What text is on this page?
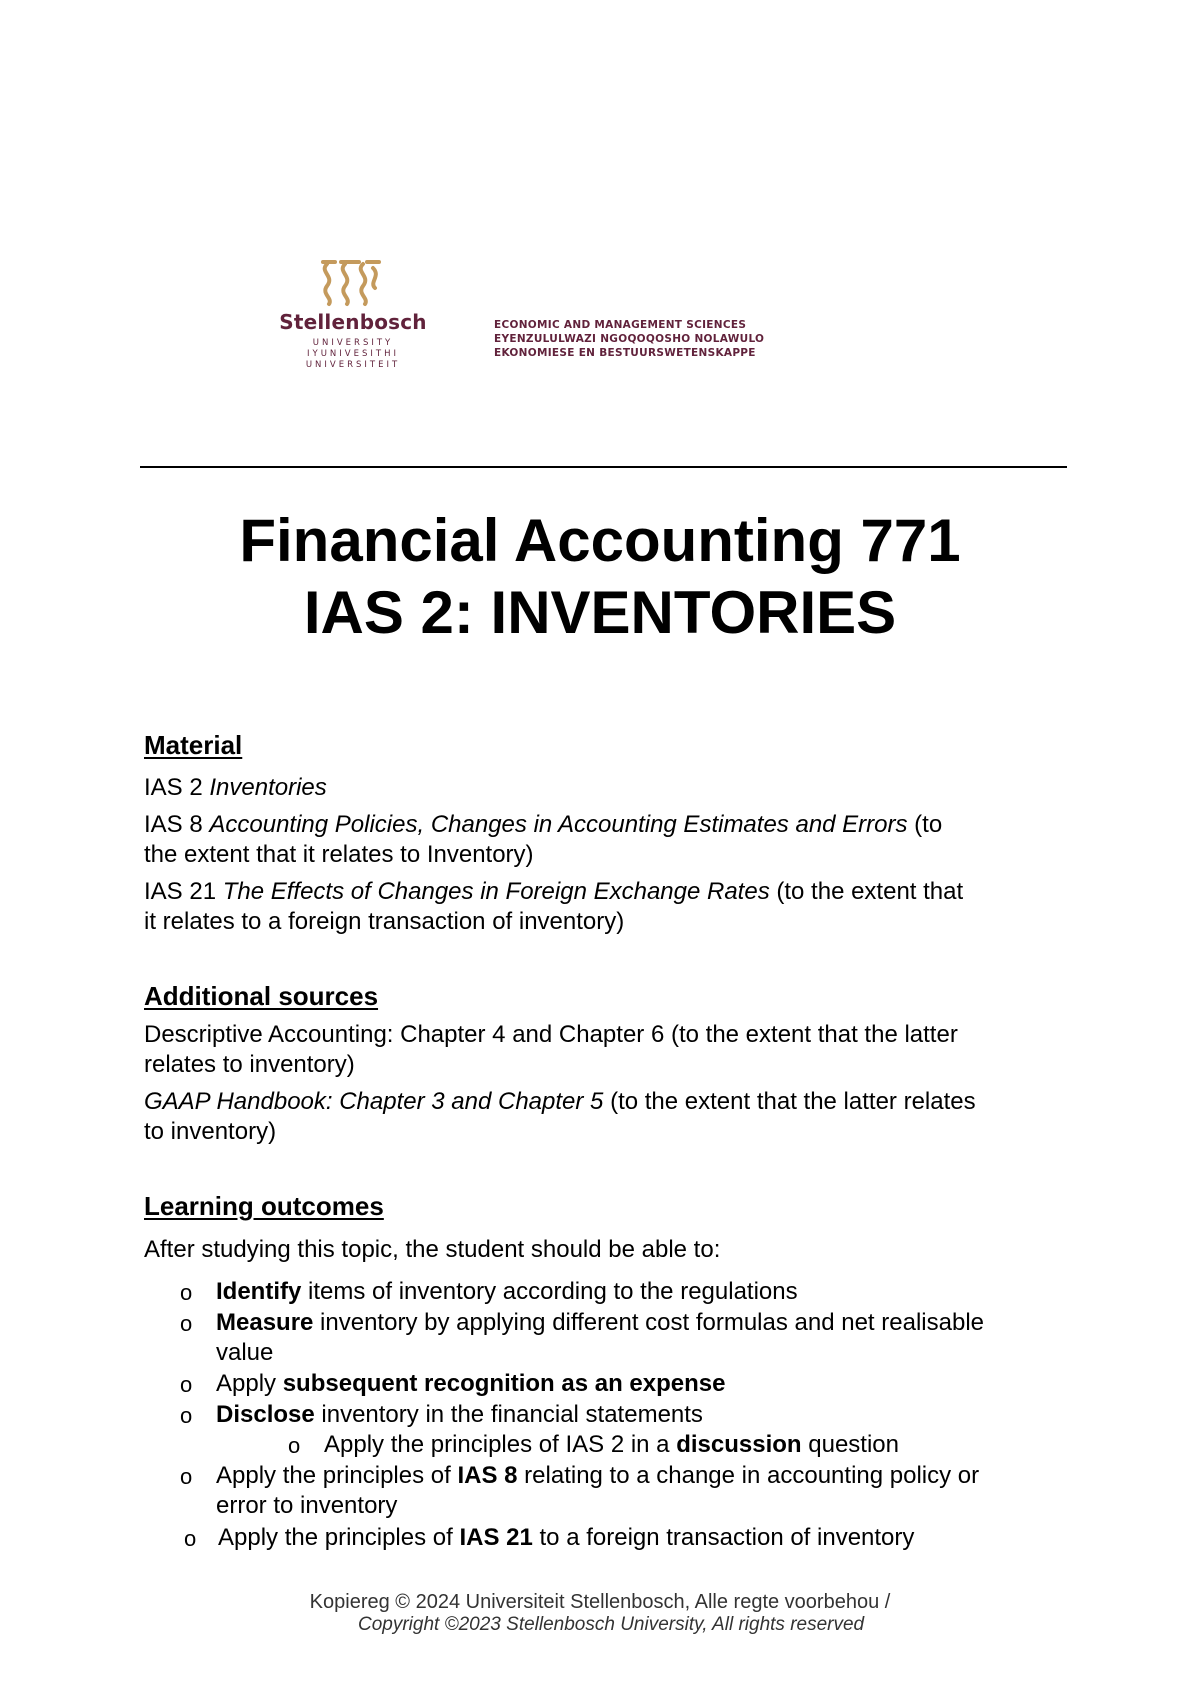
Stellenbosch
UNIVERSITY
IYUNIVESITHI
UNIVERSITEIT
ECONOMIC AND MANAGEMENT SCIENCES
EYENZULULWAZI NGOQOQOSHO NOLAWULO
EKONOMIESE EN BESTUURSWETENSKAPPE
Financial Accounting 771
IAS 2: INVENTORIES
Material
IAS 2 Inventories
IAS 8 Accounting Policies, Changes in Accounting Estimates and Errors (to
the extent that it relates to Inventory)
IAS 21 The Effects of Changes in Foreign Exchange Rates (to the extent that
it relates to a foreign transaction of inventory)
Additional sources
Descriptive Accounting: Chapter 4 and Chapter 6 (to the extent that the latter
relates to inventory)
GAAP Handbook: Chapter 3 and Chapter 5 (to the extent that the latter relates
to inventory)
Learning outcomes
After studying this topic, the student should be able to:
o Identify items of inventory according to the regulations
o Measure inventory by applying different cost formulas and net realisable
value
o Apply subsequent recognition as an expense
o Disclose inventory in the financial statements
o Apply the principles of IAS 2 in a discussion question
o Apply the principles of IAS 8 relating to a change in accounting policy or
error to inventory
o Apply the principles of IAS 21 to a foreign transaction of inventory
Kopiereg © 2024 Universiteit Stellenbosch, Alle regte voorbehou /
Copyright ©2023 Stellenbosch University, All rights reserved
